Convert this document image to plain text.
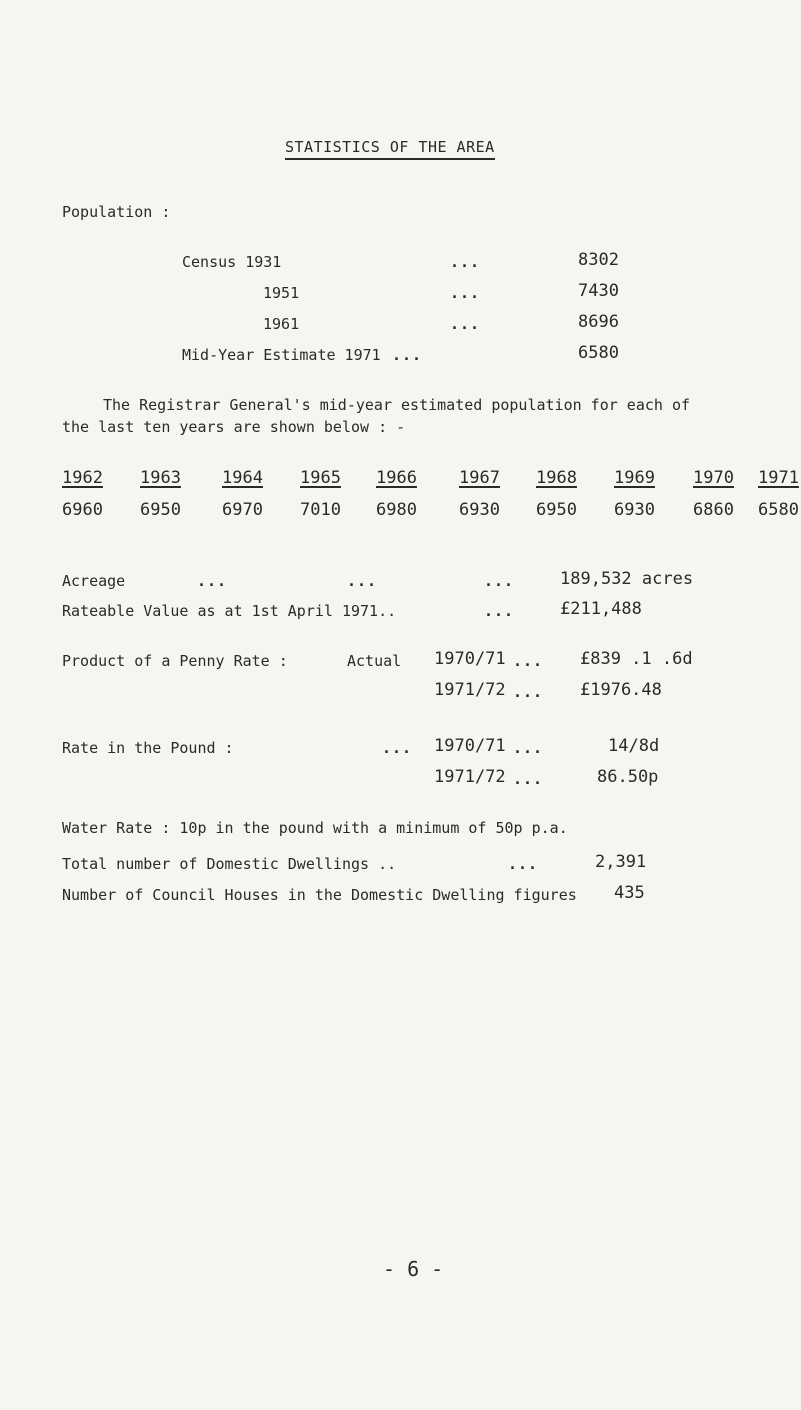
STATISTICS OF THE AREA
Population :
Census 1931	...	8302
1951	...	7430
1961	...	8696
Mid-Year Estimate 1971 ...	6580
The Registrar General's mid-year estimated population for each of
the last ten years are shown below : -
1962 1963 1964 1965 1966 1967 1968 1969 1970 1971
6960 6950 6970 7010 6980 6930 6950 6930 6860 6580
Acreage	...	...	...	189,532 acres
Rateable Value as at 1st April 1971..	...	£211,488
Product of a Penny Rate :	Actual 1970/71 ... £839 .1 .6d
1971/72 ... £1976.48
Rate in the Pound :	... 1970/71 ...	14/8d
1971/72 ...	86.50p
Water Rate : 10p in the pound with a minimum of 50p p.a.
Total number of Domestic Dwellings ..	...	2,391
Number of Council Houses in the Domestic Dwelling figures 435
- 6 -
